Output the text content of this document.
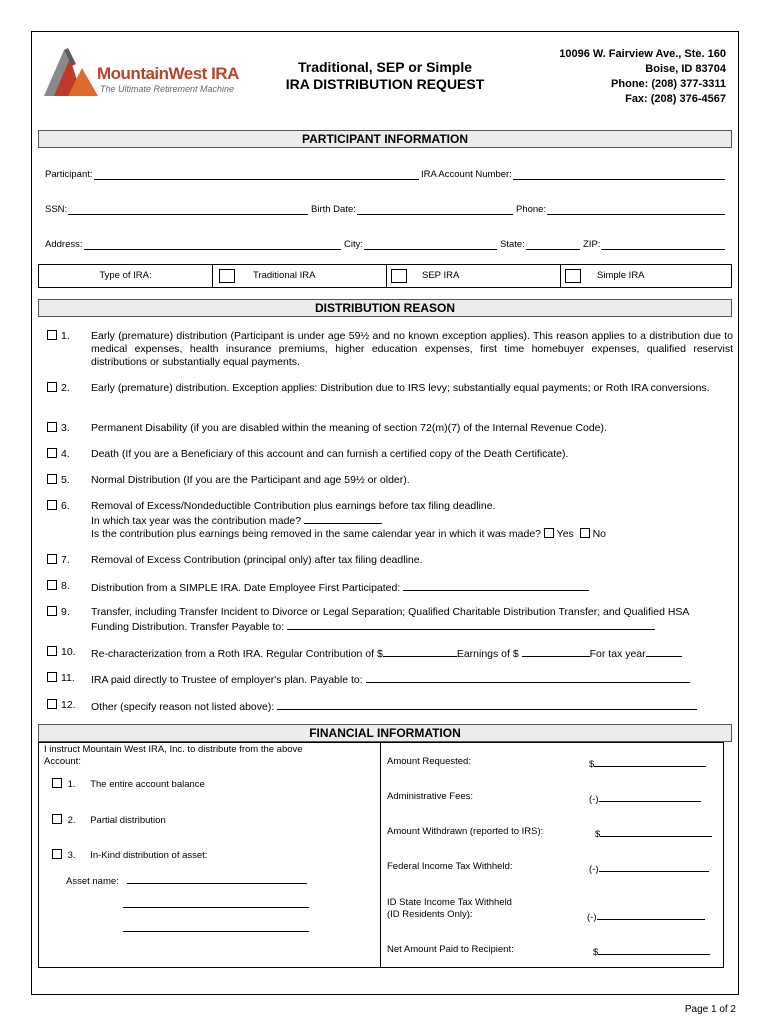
MountainWest IRA
The Ultimate Retirement Machine
Traditional, SEP or Simple
IRA DISTRIBUTION REQUEST
10096 W. Fairview Ave., Ste. 160
Boise, ID 83704
Phone: (208) 377-3311
Fax: (208) 376-4567
PARTICIPANT INFORMATION
Participant:	IRA Account Number:
SSN:	Birth Date:	Phone:
Address:	City:	State:	ZIP:
Type of IRA:	Traditional IRA	SEP IRA	Simple IRA
DISTRIBUTION REASON
1. Early (premature) distribution (Participant is under age 59½ and no known exception applies). This reason applies to a distribution due to medical expenses, health insurance premiums, higher education expenses, first time homebuyer expenses, qualified reservist distributions or substantially equal payments.
2. Early (premature) distribution. Exception applies: Distribution due to IRS levy; substantially equal payments; or Roth IRA conversions.
3. Permanent Disability (if you are disabled within the meaning of section 72(m)(7) of the Internal Revenue Code).
4. Death (If you are a Beneficiary of this account and can furnish a certified copy of the Death Certificate).
5. Normal Distribution (If you are the Participant and age 59½ or older).
6. Removal of Excess/Nondeductible Contribution plus earnings before tax filing deadline.
In which tax year was the contribution made?
Is the contribution plus earnings being removed in the same calendar year in which it was made? Yes No
7. Removal of Excess Contribution (principal only) after tax filing deadline.
8. Distribution from a SIMPLE IRA. Date Employee First Participated:
9. Transfer, including Transfer Incident to Divorce or Legal Separation; Qualified Charitable Distribution Transfer; and Qualified HSA
Funding Distribution. Transfer Payable to:
10. Re-characterization from a Roth IRA. Regular Contribution of $	Earnings of $	For tax year
11. IRA paid directly to Trustee of employer's plan. Payable to:
12. Other (specify reason not listed above):
FINANCIAL INFORMATION
I instruct Mountain West IRA, Inc. to distribute from the above
Account:
1. The entire account balance
2. Partial distribution
3. In-Kind distribution of asset:
Asset name:
Amount Requested:	$
Administrative Fees:	(-)
Amount Withdrawn (reported to IRS):	$
Federal Income Tax Withheld:	(-)
ID State Income Tax Withheld
(ID Residents Only):	(-)
Net Amount Paid to Recipient:	$
Page 1 of 2
